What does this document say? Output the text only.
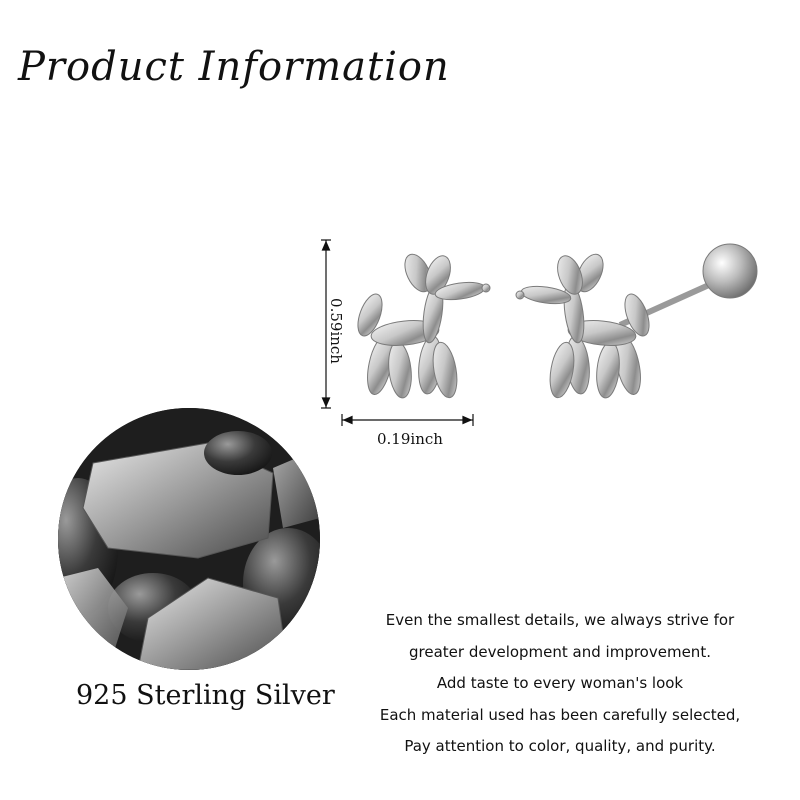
Product Information
0.59inch
0.19inch
925 Sterling Silver
Even the smallest details, we always strive for
greater development and improvement.
Add taste to every woman's look
Each material used has been carefully selected,
Pay attention to color, quality, and purity.
